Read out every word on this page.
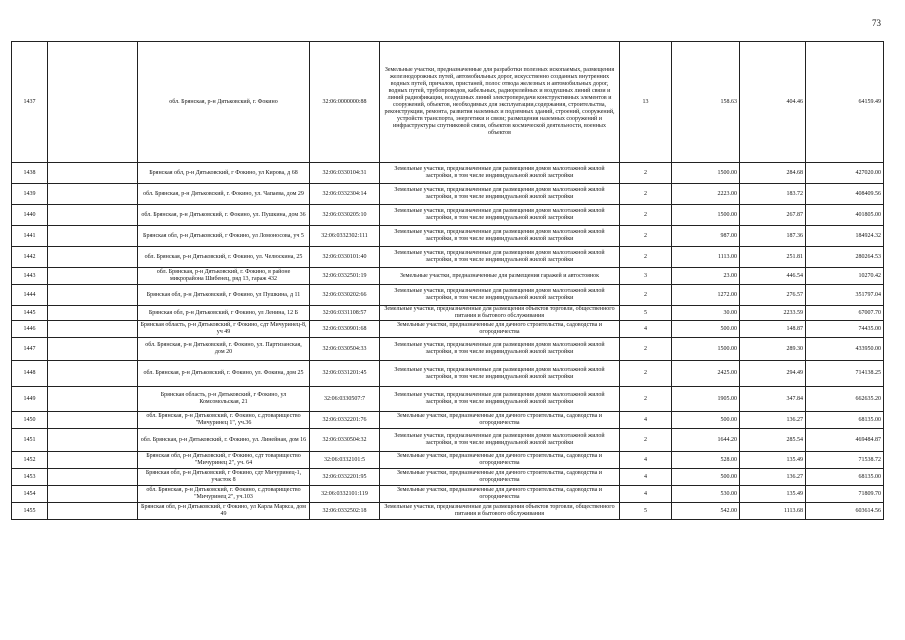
73
1437		обл. Брянская, р-н Дятьковский, г. Фокино	32:06:0000000:88	Земельные участки, предназначенные для разработки полезных ископаемых, размещения железнодорожных путей, автомобильных дорог, искусственно созданных внутренних водных путей, причалов, пристаней, полос отвода железных и автомобильных дорог, водных путей, трубопроводов, кабельных, радиорелейных и воздушных линий связи и линий радиофикации, воздушных линий электропередачи конструктивных элементов и сооружений, объектов, необходимых для эксплуатации,содержания, строительства, реконструкции, ремонта, развития наземных и подземных зданий, строений, сооружений, устройств транспорта, энергетики и связи; размещения наземных сооружений и инфраструктуры спутниковой связи, объектов космической деятельности, военных объектов	13	158.63	404.46	64159.49
1438		Брянская обл, р-н Дятьковский, г Фокино, ул Кирова, д 68	32:06:0330104:31	Земельные участки, предназначенные для размещения домов малоэтажной жилой застройки, в том числе индивидуальной жилой застройки	2	1500.00	284.68	427020.00
1439		обл. Брянская, р-н Дятьковский, г. Фокино, ул. Чапаева, дом 29	32:06:0332304:14	Земельные участки, предназначенные для размещения домов малоэтажной жилой застройки, в том числе индивидуальной жилой застройки	2	2223.00	183.72	408409.56
1440		обл. Брянская, р-н Дятьковский, г. Фокино, ул. Пушкина, дом 36	32:06:0330205:10	Земельные участки, предназначенные для размещения домов малоэтажной жилой застройки, в том числе индивидуальной жилой застройки	2	1500.00	267.87	401805.00
1441		Брянская обл, р-н Дятьковский, г Фокино, ул Ломоносова, уч 5	32:06:0332302:111	Земельные участки, предназначенные для размещения домов малоэтажной жилой застройки, в том числе индивидуальной жилой застройки	2	987.00	187.36	184924.32
1442		обл. Брянская, р-н Дятьковский, г. Фокино, ул. Челюскина, 25	32:06:0330101:40	Земельные участки, предназначенные для размещения домов малоэтажной жилой застройки, в том числе индивидуальной жилой застройки	2	1113.00	251.81	280264.53
1443		обл. Брянская, р-н Дятьковский, г. Фокино, в районе микрорайона Шибенец, ряд 13, гараж 432	32:06:0332501:19	Земельные участки, предназначенные для размещения гаражей и автостоянок	3	23.00	446.54	10270.42
1444		Брянская обл, р-н Дятьковский, г Фокино, ул Пушкина, д 11	32:06:0330202:66	Земельные участки, предназначенные для размещения домов малоэтажной жилой застройки, в том числе индивидуальной жилой застройки	2	1272.00	276.57	351797.04
1445		Брянская обл, р-н Дятьковский, г Фокино, ул Ленина, 12 Б	32:06:0331108:57	Земельные участки, предназначенные для размещения объектов торговли, общественного питания и бытового обслуживания	5	30.00	2233.59	67007.70
1446		Брянская область, р-н Дятьковский, г Фокино, сдт Мичуринец-8, уч 49	32:06:0330901:68	Земельные участки, предназначенные для дачного строительства, садоводства и огородничества	4	500.00	148.87	74435.00
1447		обл. Брянская, р-н Дятьковский, г. Фокино, ул. Партизанская, дом 20	32:06:0330504:33	Земельные участки, предназначенные для размещения домов малоэтажной жилой застройки, в том числе индивидуальной жилой застройки	2	1500.00	289.30	433950.00
1448		обл. Брянская, р-н Дятьковский, г. Фокино, ул. Фокина, дом 25	32:06:0331201:45	Земельные участки, предназначенные для размещения домов малоэтажной жилой застройки, в том числе индивидуальной жилой застройки	2	2425.00	294.49	714138.25
1449		Брянская область, р-н Дятьковский, г Фокино, ул Комсомольская, 21	32:06:0330507:7	Земельные участки, предназначенные для размещения домов малоэтажной жилой застройки, в том числе индивидуальной жилой застройки	2	1905.00	347.84	662635.20
1450		обл. Брянская, р-н Дятьковский, г. Фокино, с.дтоварищество "Мичуринец 1", уч.36	32:06:0332201:76	Земельные участки, предназначенные для дачного строительства, садоводства и огородничества	4	500.00	136.27	68135.00
1451		обл. Брянская, р-н Дятьковский, г. Фокино, ул. Линейная, дом 16	32:06:0330504:32	Земельные участки, предназначенные для размещения домов малоэтажной жилой застройки, в том числе индивидуальной жилой застройки	2	1644.20	285.54	469484.87
1452		Брянская обл, р-н Дятьковский, г Фокино, сдт товарищество "Мичуринец 2", уч. 64	32:06:0332101:5	Земельные участки, предназначенные для дачного строительства, садоводства и огородничества	4	528.00	135.49	71538.72
1453		Брянская обл, р-н Дятьковский, г Фокино, сдт Мичуринец-1, участок 8	32:06:0332201:95	Земельные участки, предназначенные для дачного строительства, садоводства и огородничества	4	500.00	136.27	68135.00
1454		обл. Брянская, р-н Дятьковский, г. Фокино, с.дтоварищество "Мичуринец 2", уч.103	32:06:0332101:119	Земельные участки, предназначенные для дачного строительства, садоводства и огородничества	4	530.00	135.49	71809.70
1455		Брянская обл, р-н Дятьковский, г Фокино, ул Карла Маркса, дом 49	32:06:0332502:18	Земельные участки, предназначенные для размещения объектов торговли, общественного питания и бытового обслуживания	5	542.00	1113.68	603614.56
